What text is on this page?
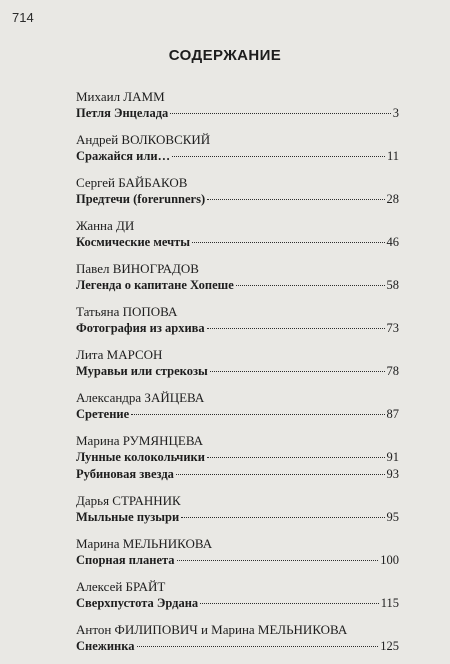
714
СОДЕРЖАНИЕ
Михаил ЛАММ
Петля Энцелада	3
Андрей ВОЛКОВСКИЙ
Сражайся или…	11
Сергей БАЙБАКОВ
Предтечи (forerunners)	28
Жанна ДИ
Космические мечты	46
Павел ВИНОГРАДОВ
Легенда о капитане Хопеше	58
Татьяна ПОПОВА
Фотография из архива	73
Лита МАРСОН
Муравьи или стрекозы	78
Александра ЗАЙЦЕВА
Сретение	87
Марина РУМЯНЦЕВА
Лунные колокольчики	91
Рубиновая звезда	93
Дарья СТРАННИК
Мыльные пузыри	95
Марина МЕЛЬНИКОВА
Спорная планета	100
Алексей БРАЙТ
Сверхпустота Эрдана	115
Антон ФИЛИПОВИЧ и Марина МЕЛЬНИКОВА
Снежинка	125
